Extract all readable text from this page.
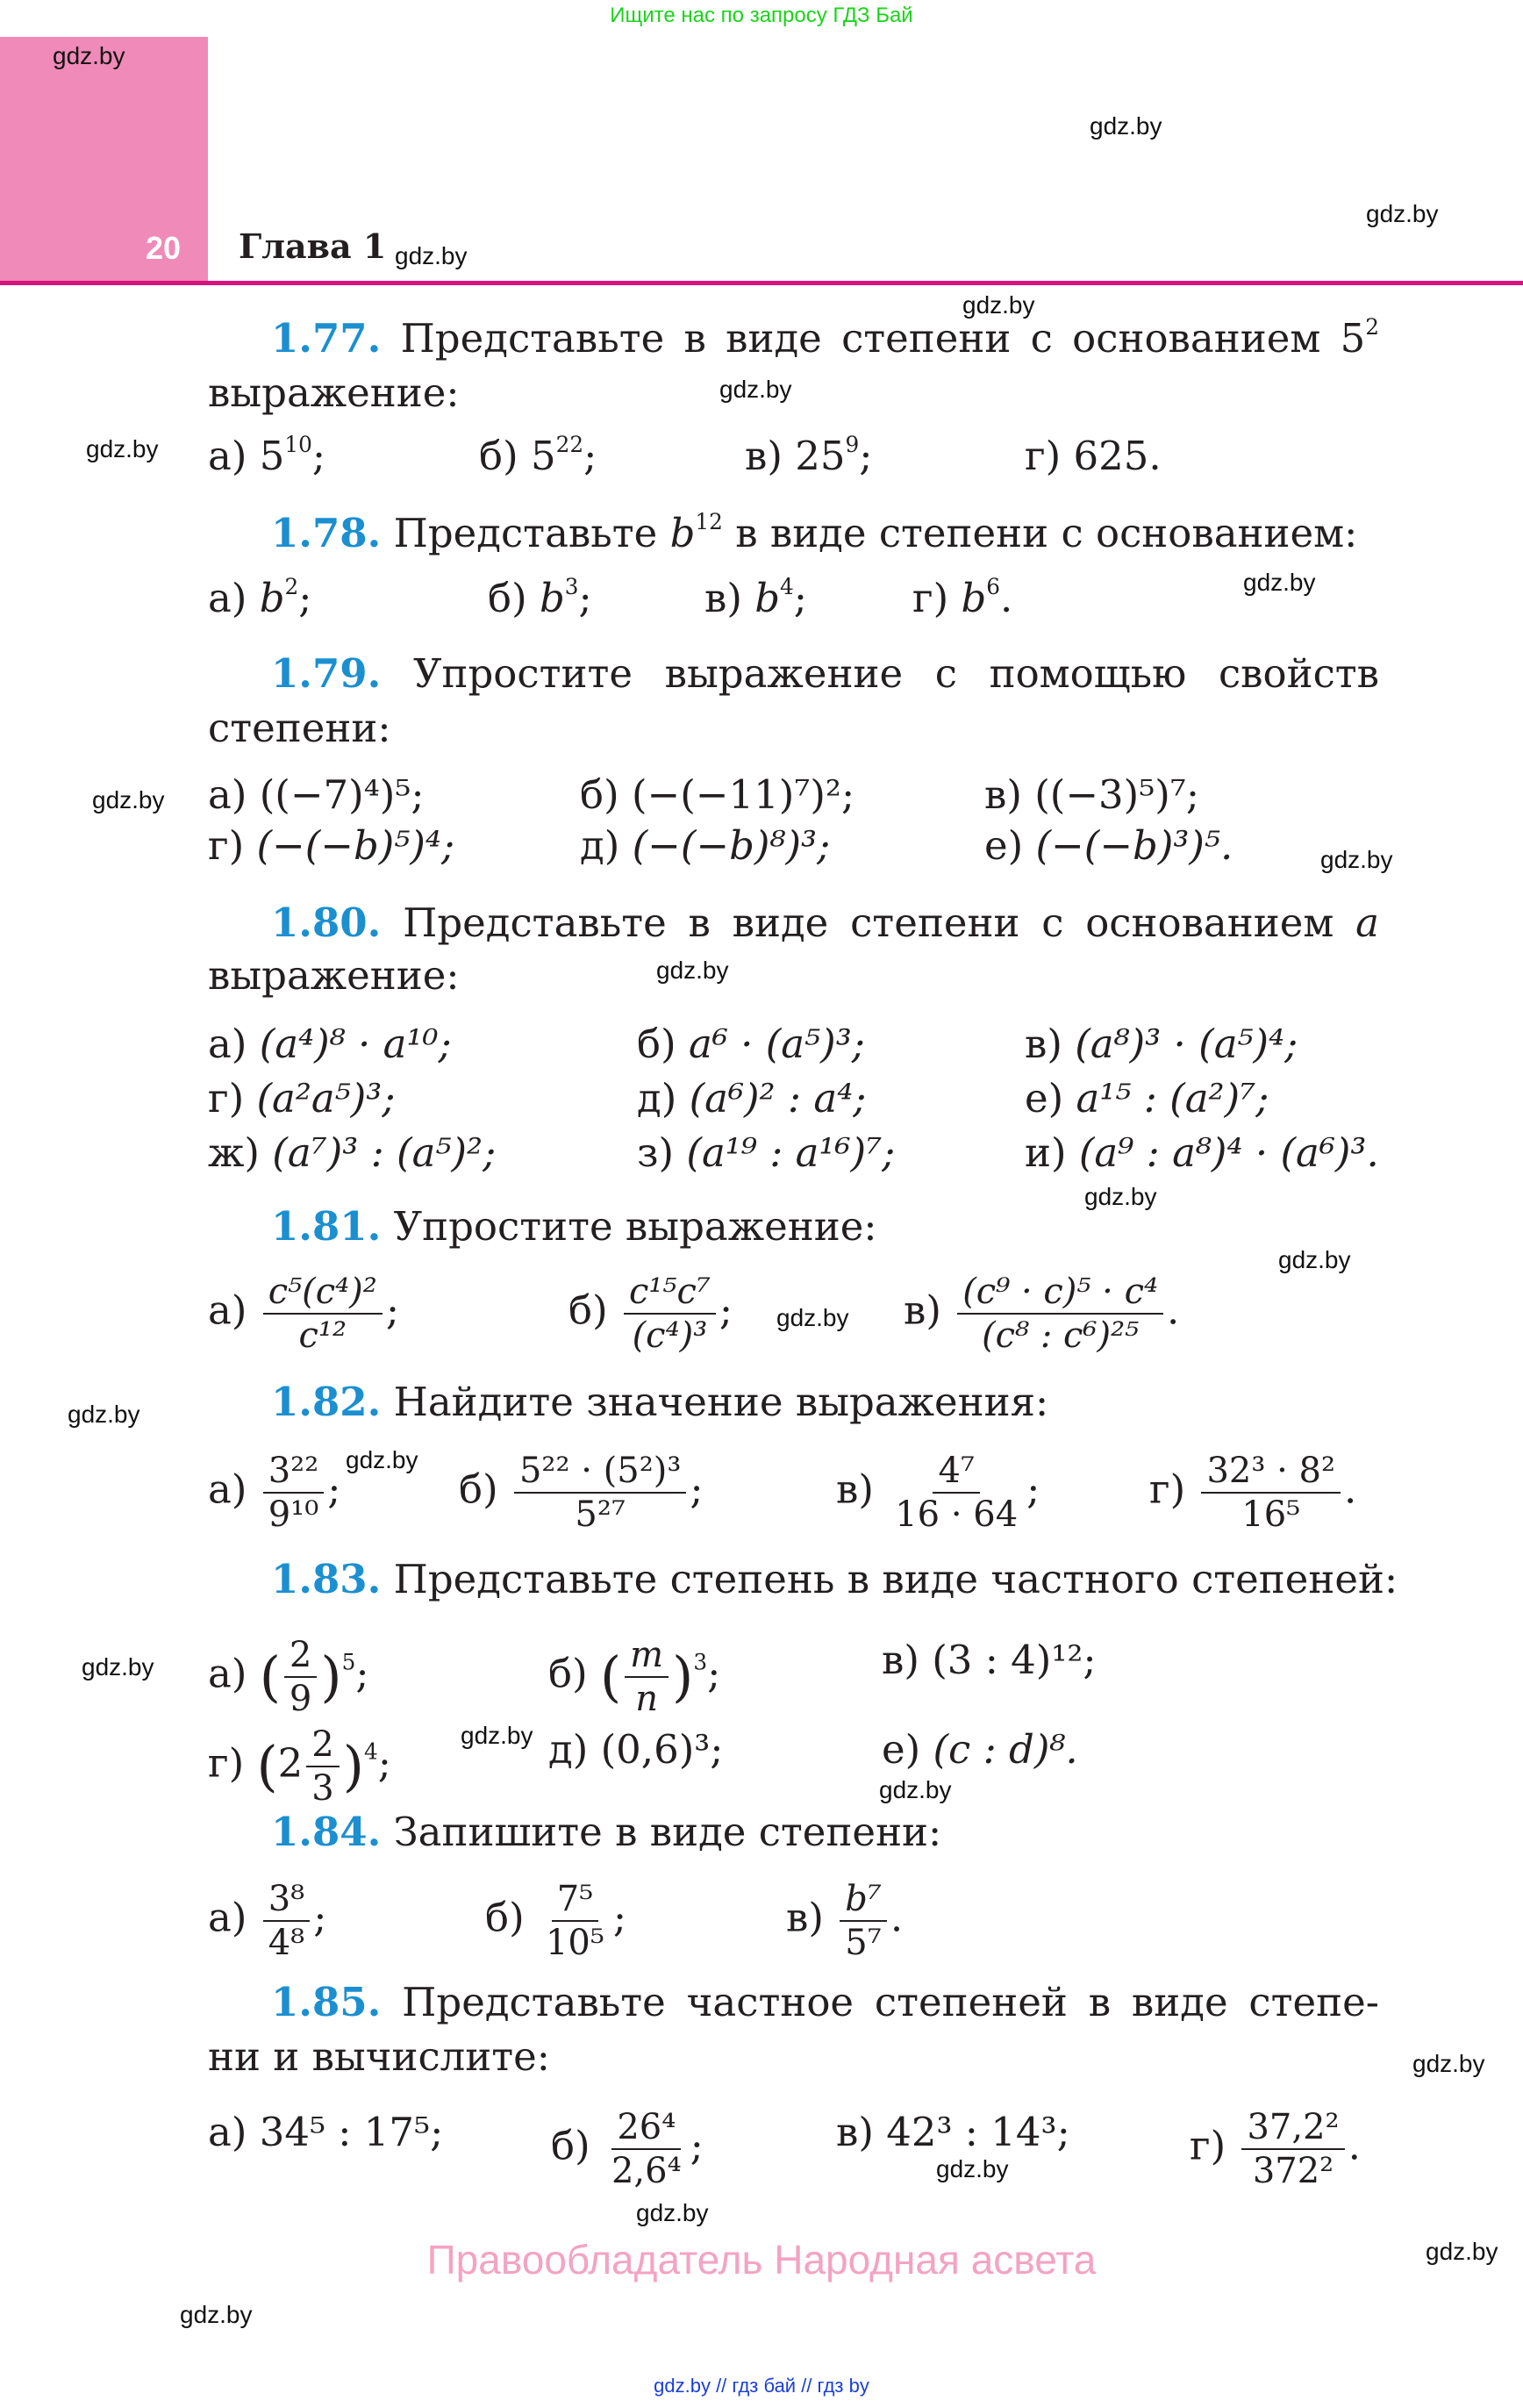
Ищите нас по запросу ГДЗ Бай
20 Глава 1
gdz.by
gdz.by
gdz.by
gdz.by
gdz.by
gdz.by
gdz.by
gdz.by
gdz.by
gdz.by
gdz.by
gdz.by
gdz.by
gdz.by
gdz.by
gdz.by
gdz.by
gdz.by
gdz.by
gdz.by
gdz.by
gdz.by
gdz.by
gdz.by
1.77. Представьте в виде степени с основанием $5^2$
выражение:
а) $5^{10}$;	б) $5^{22}$;	в) $25^9$;	г) 625.
1.78. Представьте $b^{12}$ в виде степени с основанием:
а) $b^2$;	б) $b^3$;	в) $b^4$;	г) $b^6$.
1.79. Упростите выражение с помощью свойств
степени:
а) ((−7)⁴)⁵;	б) (−(−11)⁷)²;	в) ((−3)⁵)⁷;
г) (−(−b)⁵)⁴;	д) (−(−b)⁸)³;	е) (−(−b)³)⁵.
1.80. Представьте в виде степени с основанием a
выражение:
а) (a⁴)⁸ · a¹⁰;	б) a⁶ · (a⁵)³;	в) (a⁸)³ · (a⁵)⁴;
г) (a²a⁵)³;	д) (a⁶)² : a⁴;	е) a¹⁵ : (a²)⁷;
ж) (a⁷)³ : (a⁵)²;	з) (a¹⁹ : a¹⁶)⁷;	и) (a⁹ : a⁸)⁴ · (a⁶)³.
1.81. Упростите выражение:
$а) \frac{\text{c⁵(c⁴)²}}{\text{c¹²}}$ ;	$б) \frac{\text{c¹⁵c⁷}}{\text{(c⁴)³}}$ ;	$в) \frac{\text{(c⁹ · c)⁵ · c⁴}}{\text{(c⁸ : c⁶)²⁵}}$ .
1.82. Найдите значение выражения:
$а) \frac{\text{3²²}}{\text{9¹⁰}}$ ;	$б) \frac{\text{5²² · (5²)³}}{\text{5²⁷}}$ ;	$в) \frac{\text{4⁷}}{16 \cdot 64}$ ;	$г) \frac{\text{32³ · 8²}}{\text{16⁵}}$ .
1.83. Представьте степень в виде частного степеней:
а) ( $\frac{2}{9} )^5$;	б) ( $\frac{m}{n} )^3$;	в) (3 : 4)¹²;
г) $(2 \frac{2}{3} )^4$;	д) (0,6)³;	е) (c : d)⁸.
1.84. Запишите в виде степени:
$а) \frac{\text{3⁸}}{\text{4⁸}}$ ;	$б) \frac{\text{7⁵}}{\text{10⁵}}$ ;	$в) \frac{\text{b⁷}}{\text{5⁷}}$ .
1.85. Представьте частное степеней в виде степе-
ни и вычислите:
а) 34⁵ : 17⁵;	$б) \frac{\text{26⁴}}{\text{2,6⁴}}$ ;	в) 42³ : 14³;	$г) \frac{\text{37,2²}}{\text{372²}}$ .
Правообладатель Народная асвета
gdz.by // гдз бай // гдз by
